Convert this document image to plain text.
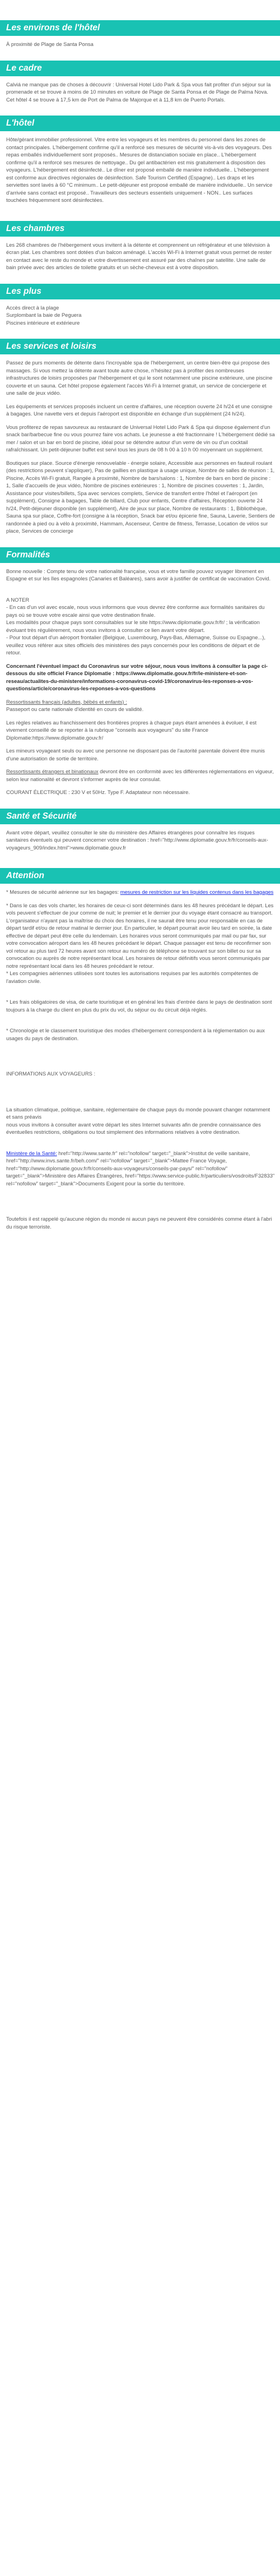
Les environs de l'hôtel

À proximité de Plage de Santa Ponsa

Le cadre

Calviá ne manque pas de choses à découvrir : Universal Hotel Lido Park & Spa vous fait profiter d'un séjour sur la promenade et se trouve à moins de 10 minutes en voiture de Plage de Santa Ponsa et de Plage de Palma Nova. Cet hôtel 4 se trouve à 17,5 km de Port de Palma de Majorque et à 11,8 km de Puerto Portals.

L'hôtel

Hôte/gérant immobilier professionnel. Vitre entre les voyageurs et les membres du personnel dans les zones de contact principales. L'hébergement confirme qu'il a renforcé ses mesures de sécurité vis-à-vis des voyageurs. Des repas emballés individuellement sont proposés.. Mesures de distanciation sociale en place.. L'hébergement confirme qu'il a renforcé ses mesures de nettoyage.. Du gel antibactérien est mis gratuitement à disposition des voyageurs. L'hébergement est désinfecté.. Le dîner est proposé emballé de manière individuelle.. L'hébergement est conforme aux directives régionales de désinfection. Safe Tourism Certified (Espagne).. Les draps et les serviettes sont lavés à 60 °C minimum.. Le petit-déjeuner est proposé emballé de manière individuelle.. Un service d'arrivée sans contact est proposé.. Travailleurs des secteurs essentiels uniquement - NON.. Les surfaces touchées fréquemment sont désinfectées.

Les chambres

Les 268 chambres de l'hébergement vous invitent à la détente et comprennent un réfrigérateur et une télévision à écran plat. Les chambres sont dotées d'un balcon aménagé. L'accès Wi-Fi à Internet gratuit vous permet de rester en contact avec le reste du monde et votre divertissement est assuré par des chaînes par satellite. Une salle de bain privée avec des articles de toilette gratuits et un sèche-cheveux est à votre disposition.

Les plus

Accès direct à la plage
Surplombant la baie de Peguera
Piscines intérieure et extérieure

Les services et loisirs

Passez de purs moments de détente dans l'incroyable spa de l'hébergement, un centre bien-être qui propose des massages. Si vous mettez la détente avant toute autre chose, n'hésitez pas à profiter des nombreuses infrastructures de loisirs proposées par l'hébergement et qui le sont notamment une piscine extérieure, une piscine couverte et un sauna. Cet hôtel propose également l'accès Wi-Fi à Internet gratuit, un service de conciergerie et une salle de jeux vidéo.

Les équipements et services proposés incluent un centre d'affaires, une réception ouverte 24 h/24 et une consigne à bagages. Une navette vers et depuis l'aéroport est disponible en échange d'un supplément (24 h/24).

Vous profiterez de repas savoureux au restaurant de Universal Hotel Lido Park & Spa qui dispose également d'un snack bar/barbecue fine ou vous pourrez faire vos achats. Le jeunesse a été fractionnaire ! L'hébergement dédié sa mer / salon et un bar en bord de piscine, idéal pour se détendre autour d'un verre de vin ou d'un cocktail rafraîchissant. Un petit-déjeuner buffet est servi tous les jours de 08 h 00 à 10 h 00 moyennant un supplément.

Boutiques sur place. Source d'énergie renouvelable - énergie solaire, Accessible aux personnes en fauteuil roulant (des restrictions peuvent s'appliquer), Pas de gaillies en plastique à usage unique, Nombre de salles de réunion : 1, Piscine, Accès Wi-Fi gratuit, Rangée à proximité, Nombre de bars/salons : 1, Nombre de bars en bord de piscine : 1, Salle d'accueils de jeux vidéo, Nombre de piscines extérieures : 1, Nombre de piscines couvertes : 1, Jardin, Assistance pour visites/billets, Spa avec services complets, Service de transfert entre l'hôtel et l'aéroport (en supplément), Consigne à bagages, Table de billard, Club pour enfants, Centre d'affaires, Réception ouverte 24 h/24, Petit-déjeuner disponible (en supplément), Aire de jeux sur place, Nombre de restaurants : 1, Bibliothèque, Sauna spa sur place, Coffre-fort (consigne à la réception, Snack bar et/ou épicerie fine, Sauna, Laverie, Sentiers de randonnée à pied ou à vélo à proximité, Hammam, Ascenseur, Centre de fitness, Terrasse, Location de vélos sur place, Services de concierge

Formalités

Bonne nouvelle : Compte tenu de votre nationalité française, vous et votre famille pouvez voyager librement en Espagne et sur les îles espagnoles (Canaries et Baléares), sans avoir à justifier de certificat de vaccination Covid.

A NOTER

- En cas d'un vol avec escale, nous vous informons que vous devrez être conforme aux formalités sanitaires du pays où se trouve votre escale ainsi que votre destination finale.
Les modalités pour chaque pays sont consultables sur le site https://www.diplomatie.gouv.fr/fr/ ; la vérification évoluant très régulièrement, nous vous invitons à consulter ce lien avant votre départ.
- Pour tout départ d'un aéroport frontalier (Belgique, Luxembourg, Pays-Bas, Allemagne, Suisse ou Espagne...), veuillez vous référer aux sites officiels des ministères des pays concernés pour les conditions de départ et de retour.

Concernant l'éventuel impact du Coronavirus sur votre séjour, nous vous invitons à consulter la page ci-dessous du site officiel France Diplomatie : https://www.diplomatie.gouv.fr/fr/le-ministere-et-son-reseau/actualites-du-ministere/informations-coronavirus-covid-19/coronavirus-les-reponses-a-vos-questions/article/coronavirus-les-reponses-a-vos-questions

Ressortissants français (adultes, bébés et enfants) :

Passeport ou carte nationale d'identité en cours de validité.

Les règles relatives au franchissement des frontières propres à chaque pays étant amenées à évoluer, il est vivement conseillé de se reporter à la rubrique "conseils aux voyageurs" du site France Diplomatie:https://www.diplomatie.gouv.fr/

Les mineurs voyageant seuls ou avec une personne ne disposant pas de l'autorité parentale doivent être munis d'une autorisation de sortie de territoire.

Ressortissants étrangers et binationaux devront être en conformité avec les différentes réglementations en vigueur, selon leur nationalité et devront s'informer auprès de leur consulat.

COURANT ÉLECTRIQUE : 230 V et 50Hz. Type F. Adaptateur non nécessaire.

Santé et Sécurité

Avant votre départ, veuillez consulter le site du ministère des Affaires étrangères pour connaître les risques sanitaires éventuels qui peuvent concerner votre destination : href="http://www.diplomatie.gouv.fr/fr/conseils-aux-voyageurs_909/index.html">www.diplomatie.gouv.fr

Attention

* Mesures de sécurité aérienne sur les bagages: mesures de restriction sur les liquides contenus dans les bagages

* Dans le cas des vols charter, les horaires de ceux-ci sont déterminés dans les 48 heures précédant le départ. Les vols peuvent s'effectuer de jour comme de nuit; le premier et le dernier jour du voyage étant consacré au transport. L'organisateur n'ayant pas la maîtrise du choix des horaires, il ne saurait être tenu pour responsable en cas de départ tardif et/ou de retour matinal le dernier jour. En particulier, le départ pourrait avoir lieu tard en soirée, la date effective de départ peut être celle du lendemain. Les horaires vous seront communiqués par mail ou par fax, sur votre convocation aéroport dans les 48 heures précédant le départ. Chaque passager est tenu de reconfirmer son vol retour au plus tard 72 heures avant son retour au numéro de téléphone se trouvant sur son billet ou sur sa convocation ou auprès de notre représentant local. Les horaires de retour définitifs vous seront communiqués par notre représentant local dans les 48 heures précédant le retour.
* Les compagnies aériennes utilisées sont toutes les autorisations requises par les autorités compétentes de l'aviation civile.

* Les frais obligatoires de visa, de carte touristique et en général les frais d'entrée dans le pays de destination sont toujours à la charge du client en plus du prix du vol, du séjour ou du circuit déjà réglés.

* Chronologie et le classement touristique des modes d'hébergement correspondent à la réglementation ou aux usages du pays de destination.

INFORMATIONS AUX VOYAGEURS :

La situation climatique, politique, sanitaire, réglementaire de chaque pays du monde pouvant changer notamment et sans préavis
nous vous invitons à consulter avant votre départ les sites Internet suivants afin de prendre connaissance des éventuelles restrictions, obligations ou tout simplement des informations relatives à votre destination.

Ministère de la Santé: href="http://www.sante.fr" rel="nofollow" target="_blank">Institut de veille sanitaire, href="http://www.invs.sante.fr/beh.com/" rel="nofollow" target="_blank">Mattee France Voyage, href="http://www.diplomatie.gouv.fr/fr/conseils-aux-voyageurs/conseils-par-pays/" rel="nofollow" target="_blank">Ministère des Affaires Étrangères, href="https://www.service-public.fr/particuliers/vosdroits/F32833" rel="nofollow" target="_blank">Documents Exigent pour la sortie du territoire.

Toutefois il est rappelé qu'aucune région du monde ni aucun pays ne peuvent être considérés comme étant à l'abri du risque terroriste.
